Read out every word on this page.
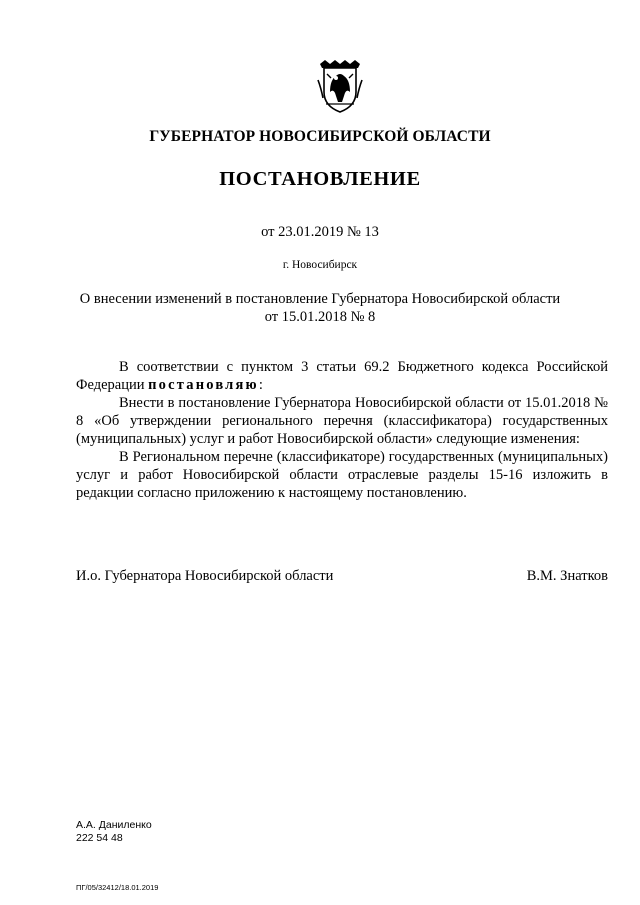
ГУБЕРНАТОР НОВОСИБИРСКОЙ ОБЛАСТИ
ПОСТАНОВЛЕНИЕ
от 23.01.2019 № 13
г. Новосибирск
О внесении изменений в постановление Губернатора Новосибирской области
от 15.01.2018 № 8

В соответствии с пунктом 3 статьи 69.2 Бюджетного кодекса Российской Федерации постановляю:

Внести в постановление Губернатора Новосибирской области от 15.01.2018 № 8 «Об утверждении регионального перечня (классификатора) государственных (муниципальных) услуг и работ Новосибирской области» следующие изменения:

В Региональном перечне (классификаторе) государственных (муниципальных) услуг и работ Новосибирской области отраслевые разделы 15-16 изложить в редакции согласно приложению к настоящему постановлению.

И.о. Губернатора Новосибирской области	В.М. Знатков
А.А. Даниленко
222 54 48
ПГ/05/32412/18.01.2019
